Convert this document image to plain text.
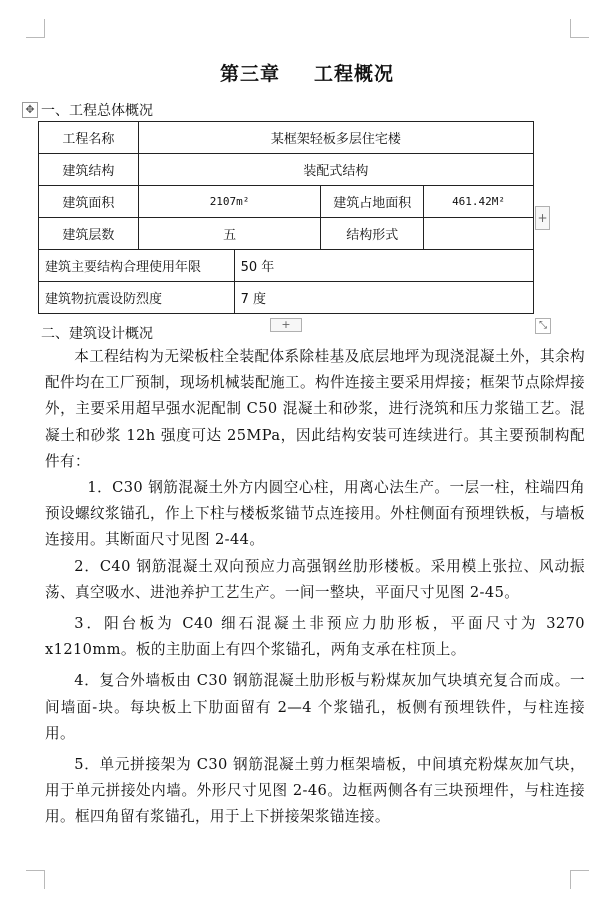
第三章 工程概况
✥ 一、工程总体概况
工程名称	某框架轻板多层住宅楼			
建筑结构	装配式结构			
建筑面积	2107m²		建筑占地面积	461.42M²
建筑层数	五		结构形式	
建筑主要结构合理使用年限		50 年		
建筑物抗震设防烈度		7 度		
+
+	⤡
二、建筑设计概况

本工程结构为无梁板柱全装配体系除桂基及底层地坪为现浇混凝土外，其余构配件均在工厂预制，现场机械装配施工。构件连接主要采用焊接；框架节点除焊接外，主要采用超早强水泥配制 C50 混凝土和砂浆，进行浇筑和压力浆锚工艺。混凝土和砂浆 12h 强度可达 25MPa，因此结构安装可连续进行。其主要预制构配件有：

1．C30 钢筋混凝土外方内圆空心柱，用离心法生产。一层一柱，柱端四角预设螺纹浆锚孔，作上下柱与楼板浆锚节点连接用。外柱侧面有预埋铁板，与墙板连接用。其断面尺寸见图 2-44。

2．C40 钢筋混凝土双向预应力高强钢丝肋形楼板。采用模上张拉、风动振荡、真空吸水、进池养护工艺生产。一间一整块，平面尺寸见图 2-45。

3．阳台板为 C40 细石混凝土非预应力肋形板，平面尺寸为 3270 x1210mm。板的主肋面上有四个浆锚孔，两角支承在柱顶上。

4．复合外墙板由 C30 钢筋混凝土肋形板与粉煤灰加气块填充复合而成。一间墙面-块。每块板上下肋面留有 2—4 个浆锚孔，板侧有预埋铁件，与柱连接用。

5．单元拼接架为 C30 钢筋混凝土剪力框架墙板，中间填充粉煤灰加气块，用于单元拼接处内墙。外形尺寸见图 2-46。边框两侧各有三块预埋件，与柱连接用。框四角留有浆锚孔，用于上下拼接架浆锚连接。
